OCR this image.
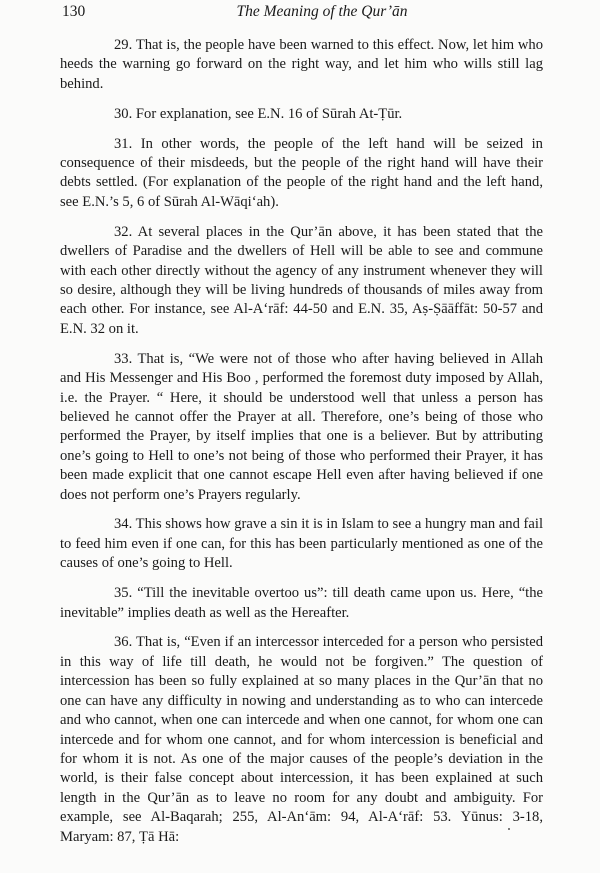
130	The Meaning of the Qur’ān

29. That is, the people have been warned to this effect. Now, let him who heeds the warning go forward on the right way, and let him who wills still lag behind.

30. For explanation, see E.N. 16 of Sūrah At-Ṭūr.

31. In other words, the people of the left hand will be seized in consequence of their misdeeds, but the people of the right hand will have their debts settled. (For explanation of the people of the right hand and the left hand, see E.N.’s 5, 6 of Sūrah Al-Wāqi‘ah).

32. At several places in the Qur’ān above, it has been stated that the dwellers of Paradise and the dwellers of Hell will be able to see and commune with each other directly without the agency of any instrument whenever they will so desire, although they will be living hundreds of thousands of miles away from each other. For instance, see Al-A‘rāf: 44-50 and E.N. 35, Aṣ-Ṣāāffāt: 50-57 and E.N. 32 on it.

33. That is, “We were not of those who after having believed in Allah and His Messenger and His Boo , performed the foremost duty imposed by Allah, i.e. the Prayer. “ Here, it should be understood well that unless a person has believed he cannot offer the Prayer at all. Therefore, one’s being of those who performed the Prayer, by itself implies that one is a believer. But by attributing one’s going to Hell to one’s not being of those who performed their Prayer, it has been made explicit that one cannot escape Hell even after having believed if one does not perform one’s Prayers regularly.

34. This shows how grave a sin it is in Islam to see a hungry man and fail to feed him even if one can, for this has been particularly mentioned as one of the causes of one’s going to Hell.

35. “Till the inevitable overtoo us”: till death came upon us. Here, “the inevitable” implies death as well as the Hereafter.

36. That is, “Even if an intercessor interceded for a person who persisted in this way of life till death, he would not be forgiven.” The question of intercession has been so fully explained at so many places in the Qur’ān that no one can have any difficulty in nowing and understanding as to who can intercede and who cannot, when one can intercede and when one cannot, for whom one can intercede and for whom one cannot, and for whom intercession is beneficial and for whom it is not. As one of the major causes of the people’s deviation in the world, is their false concept about intercession, it has been explained at such length in the Qur’ān as to leave no room for any doubt and ambiguity. For example, see Al-Baqarah; 255, Al-An‘ām: 94, Al-A‘rāf: 53. Yūnus: 3-18, Maryam: 87, Ṭā Hā:
